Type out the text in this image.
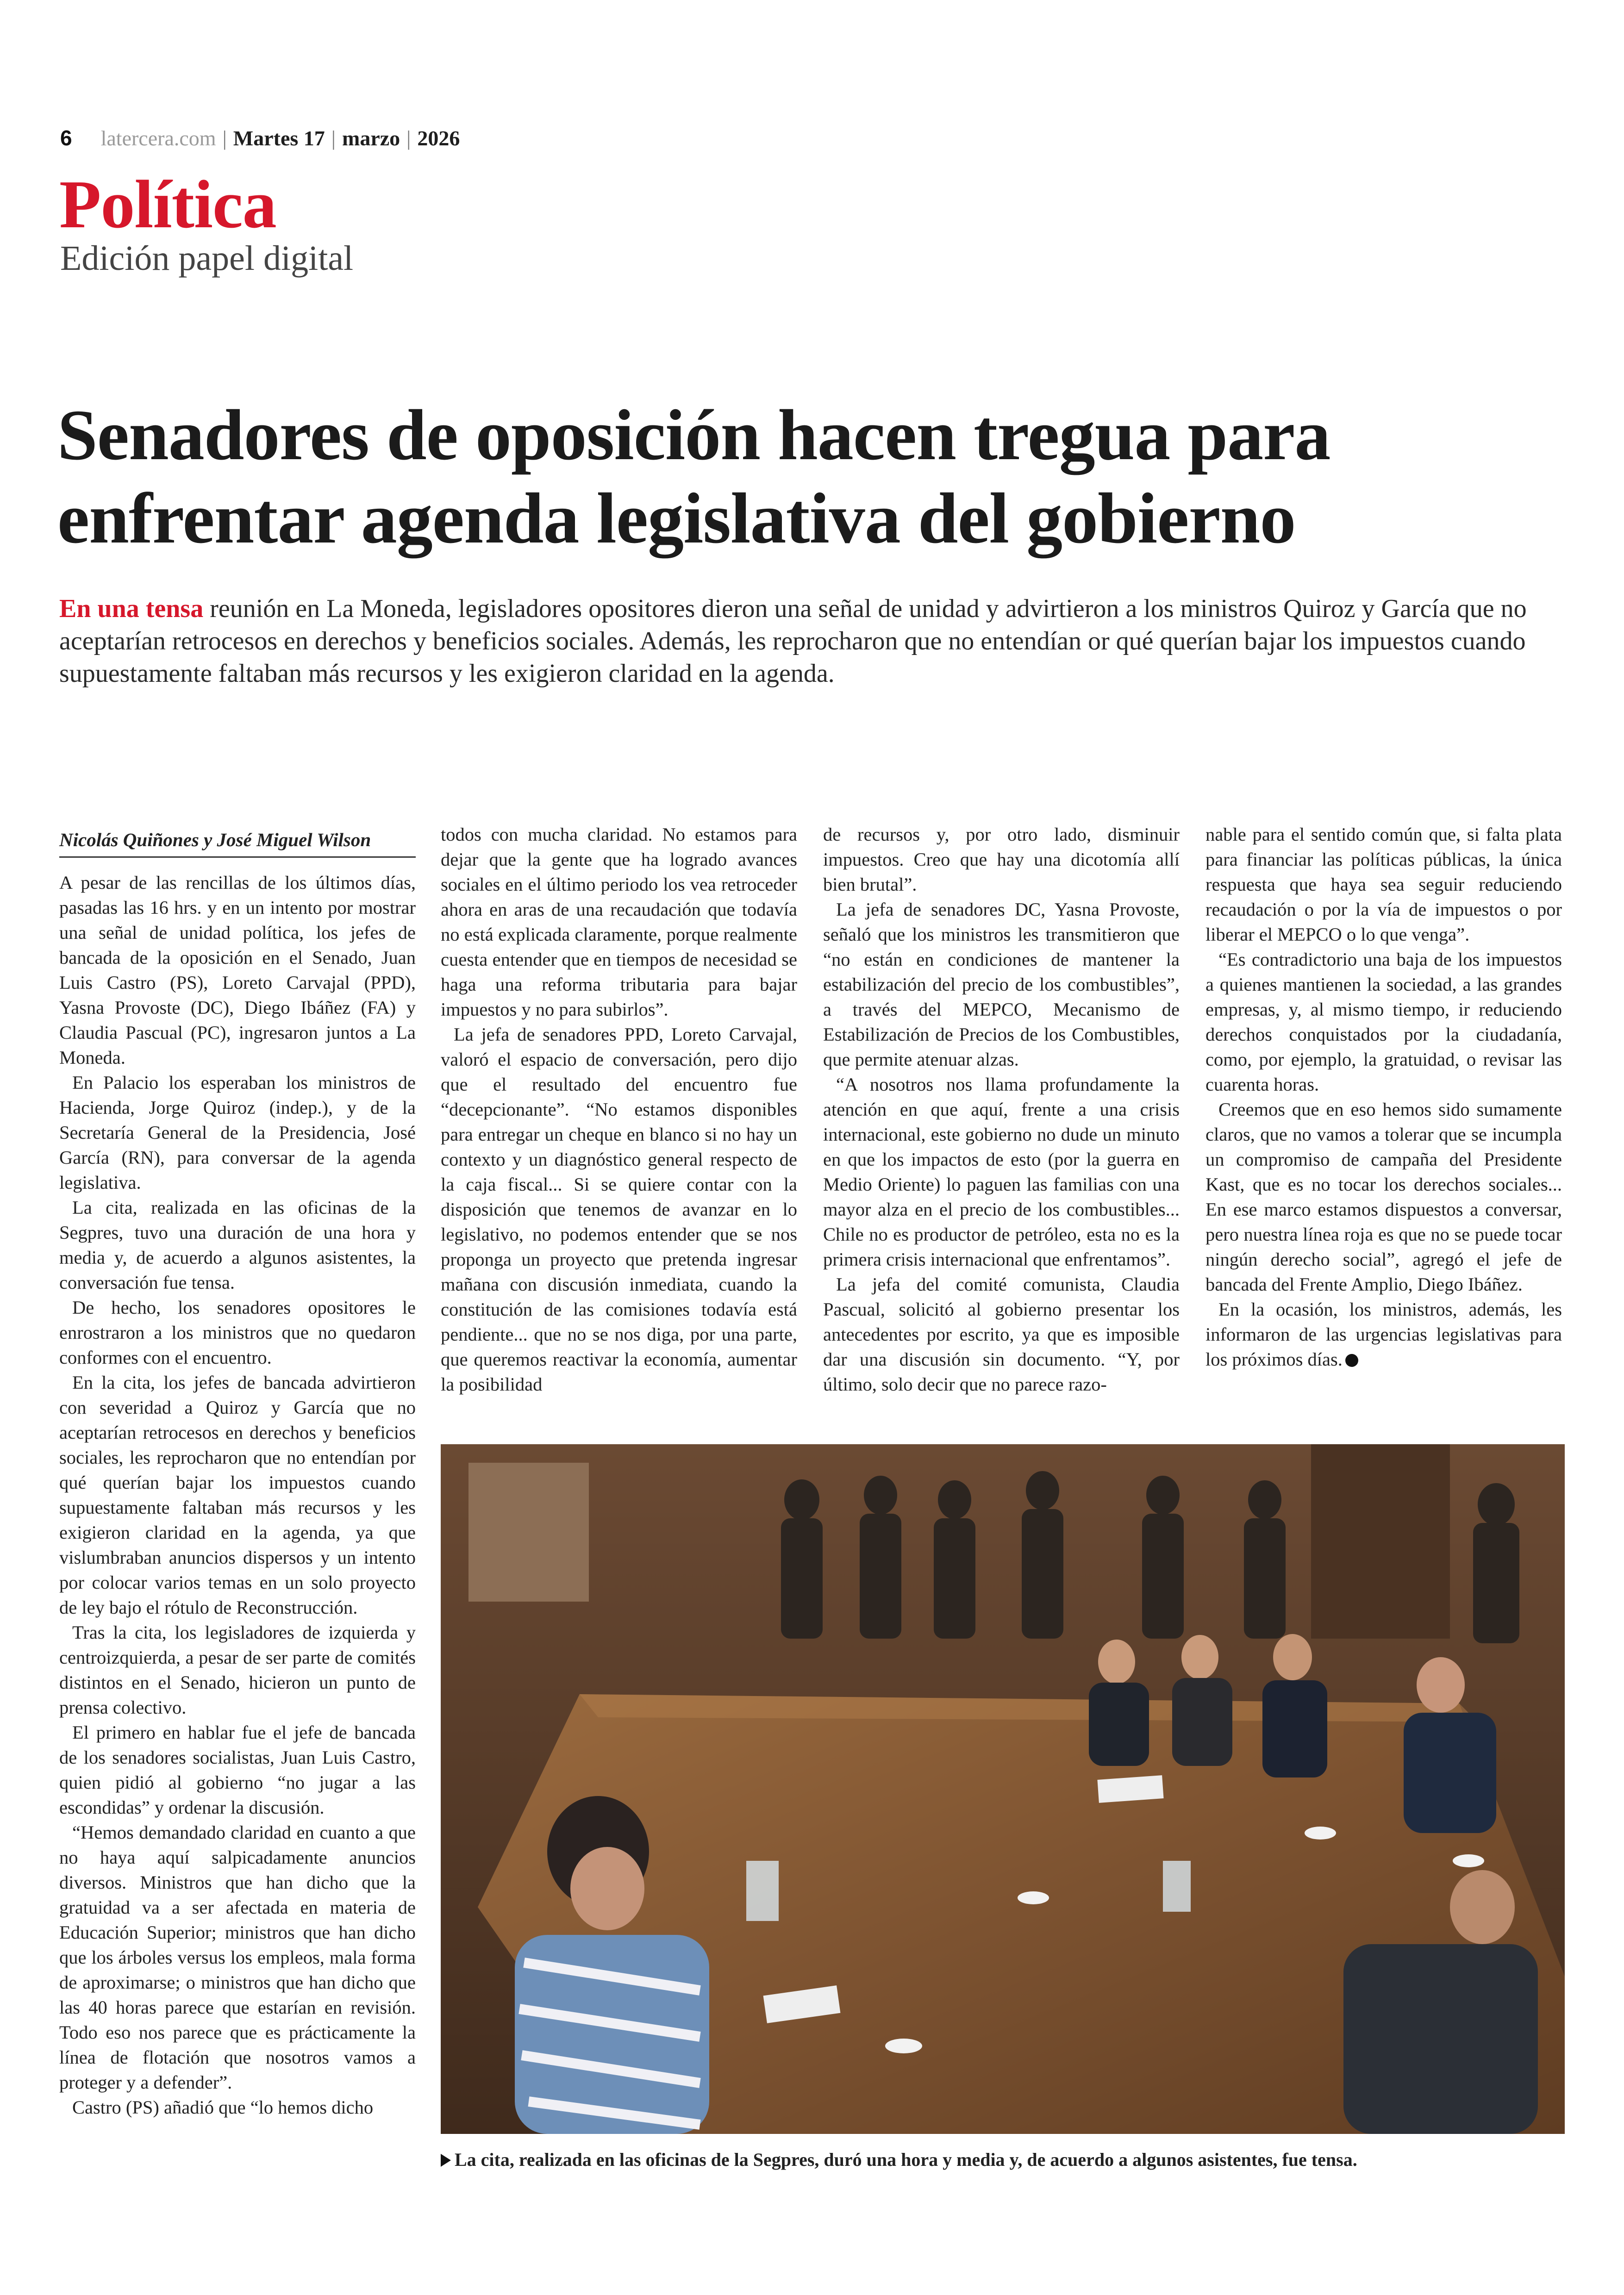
6 latercera.com | Martes 17 | marzo | 2026
Política
Edición papel digital
Senadores de oposición hacen tregua para enfrentar agenda legislativa del gobierno
En una tensa reunión en La Moneda, legisladores opositores dieron una señal de unidad y advirtieron a los ministros Quiroz y García que no aceptarían retrocesos en derechos y beneficios sociales. Además, les reprocharon que no entendían or qué querían bajar los impuestos cuando supuestamente faltaban más recursos y les exigieron claridad en la agenda.
Nicolás Quiñones y José Miguel Wilson

A pesar de las rencillas de los últimos días, pasadas las 16 hrs. y en un intento por mostrar una señal de unidad política, los jefes de bancada de la oposición en el Senado, Juan Luis Castro (PS), Loreto Carvajal (PPD), Yasna Provoste (DC), Diego Ibáñez (FA) y Claudia Pascual (PC), ingresaron juntos a La Moneda.

En Palacio los esperaban los ministros de Hacienda, Jorge Quiroz (indep.), y de la Secretaría General de la Presidencia, José García (RN), para conversar de la agenda legislativa.

La cita, realizada en las oficinas de la Segpres, tuvo una duración de una hora y media y, de acuerdo a algunos asistentes, la conversación fue tensa.

De hecho, los senadores opositores le enrostraron a los ministros que no quedaron conformes con el encuentro.

En la cita, los jefes de bancada advirtieron con severidad a Quiroz y García que no aceptarían retrocesos en derechos y beneficios sociales, les reprocharon que no entendían por qué querían bajar los impuestos cuando supuestamente faltaban más recursos y les exigieron claridad en la agenda, ya que vislumbraban anuncios dispersos y un intento por colocar varios temas en un solo proyecto de ley bajo el rótulo de Reconstrucción.

Tras la cita, los legisladores de izquierda y centroizquierda, a pesar de ser parte de comités distintos en el Senado, hicieron un punto de prensa colectivo.

El primero en hablar fue el jefe de bancada de los senadores socialistas, Juan Luis Castro, quien pidió al gobierno “no jugar a las escondidas” y ordenar la discusión.

“Hemos demandado claridad en cuanto a que no haya aquí salpicadamente anuncios diversos. Ministros que han dicho que la gratuidad va a ser afectada en materia de Educación Superior; ministros que han dicho que los árboles versus los empleos, mala forma de aproximarse; o ministros que han dicho que las 40 horas parece que estarían en revisión. Todo eso nos parece que es prácticamente la línea de flotación que nosotros vamos a proteger y a defender”.

Castro (PS) añadió que “lo hemos dicho

todos con mucha claridad. No estamos para dejar que la gente que ha logrado avances sociales en el último periodo los vea retroceder ahora en aras de una recaudación que todavía no está explicada claramente, porque realmente cuesta entender que en tiempos de necesidad se haga una reforma tributaria para bajar impuestos y no para subirlos”.

La jefa de senadores PPD, Loreto Carvajal, valoró el espacio de conversación, pero dijo que el resultado del encuentro fue “decepcionante”. “No estamos disponibles para entregar un cheque en blanco si no hay un contexto y un diagnóstico general respecto de la caja fiscal... Si se quiere contar con la disposición que tenemos de avanzar en lo legislativo, no podemos entender que se nos proponga un proyecto que pretenda ingresar mañana con discusión inmediata, cuando la constitución de las comisiones todavía está pendiente... que no se nos diga, por una parte, que queremos reactivar la economía, aumentar la posibilidad

de recursos y, por otro lado, disminuir impuestos. Creo que hay una dicotomía allí bien brutal”.

La jefa de senadores DC, Yasna Provoste, señaló que los ministros les transmitieron que “no están en condiciones de mantener la estabilización del precio de los combustibles”, a través del MEPCO, Mecanismo de Estabilización de Precios de los Combustibles, que permite atenuar alzas.

“A nosotros nos llama profundamente la atención en que aquí, frente a una crisis internacional, este gobierno no dude un minuto en que los impactos de esto (por la guerra en Medio Oriente) lo paguen las familias con una mayor alza en el precio de los combustibles... Chile no es productor de petróleo, esta no es la primera crisis internacional que enfrentamos”.

La jefa del comité comunista, Claudia Pascual, solicitó al gobierno presentar los antecedentes por escrito, ya que es imposible dar una discusión sin documento. “Y, por último, solo decir que no parece razo-

nable para el sentido común que, si falta plata para financiar las políticas públicas, la única respuesta que haya sea seguir reduciendo recaudación o por la vía de impuestos o por liberar el MEPCO o lo que venga”.

“Es contradictorio una baja de los impuestos a quienes mantienen la sociedad, a las grandes empresas, y, al mismo tiempo, ir reduciendo derechos conquistados por la ciudadanía, como, por ejemplo, la gratuidad, o revisar las cuarenta horas.

Creemos que en eso hemos sido sumamente claros, que no vamos a tolerar que se incumpla un compromiso de campaña del Presidente Kast, que es no tocar los derechos sociales... En ese marco estamos dispuestos a conversar, pero nuestra línea roja es que no se puede tocar ningún derecho social”, agregó el jefe de bancada del Frente Amplio, Diego Ibáñez.

En la ocasión, los ministros, además, les informaron de las urgencias legislativas para los próximos días.

La cita, realizada en las oficinas de la Segpres, duró una hora y media y, de acuerdo a algunos asistentes, fue tensa.
